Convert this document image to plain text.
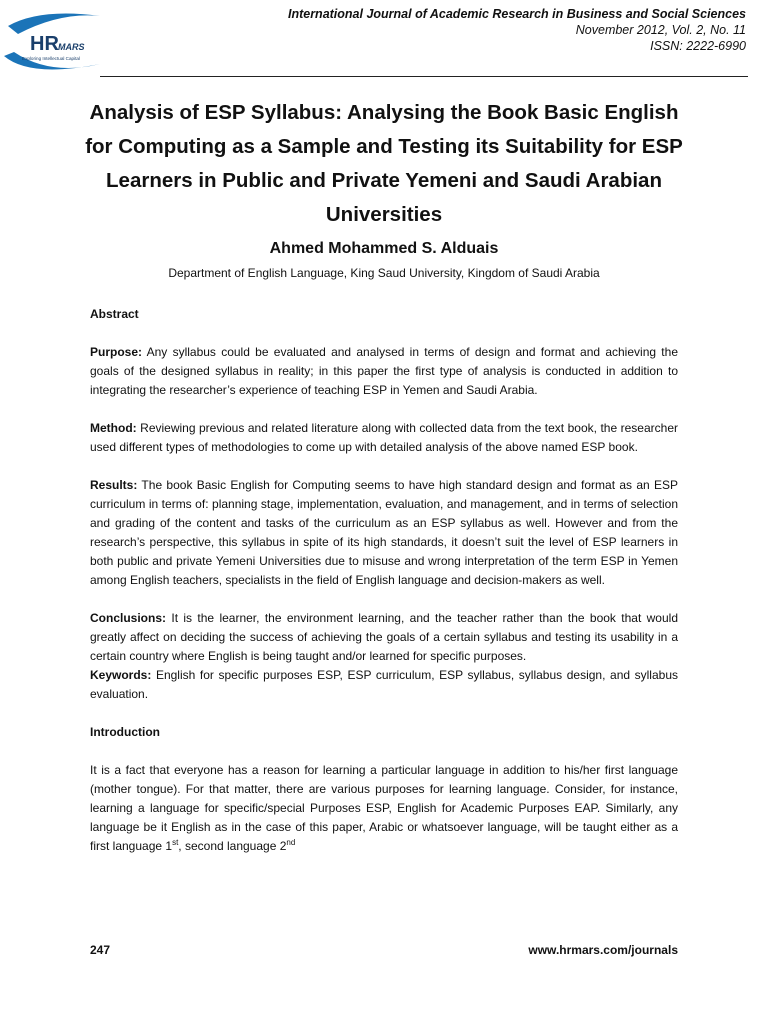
HR MARS
Exploring Intellectual Capital
International Journal of Academic Research in Business and Social Sciences
November 2012, Vol. 2, No. 11
ISSN: 2222-6990
Analysis of ESP Syllabus: Analysing the Book Basic English for Computing as a Sample and Testing its Suitability for ESP Learners in Public and Private Yemeni and Saudi Arabian Universities
Ahmed Mohammed S. Alduais
Department of English Language, King Saud University, Kingdom of Saudi Arabia

Abstract

Purpose: Any syllabus could be evaluated and analysed in terms of design and format and achieving the goals of the designed syllabus in reality; in this paper the first type of analysis is conducted in addition to integrating the researcher’s experience of teaching ESP in Yemen and Saudi Arabia.

Method: Reviewing previous and related literature along with collected data from the text book, the researcher used different types of methodologies to come up with detailed analysis of the above named ESP book.

Results: The book Basic English for Computing seems to have high standard design and format as an ESP curriculum in terms of: planning stage, implementation, evaluation, and management, and in terms of selection and grading of the content and tasks of the curriculum as an ESP syllabus as well. However and from the research’s perspective, this syllabus in spite of its high standards, it doesn’t suit the level of ESP learners in both public and private Yemeni Universities due to misuse and wrong interpretation of the term ESP in Yemen among English teachers, specialists in the field of English language and decision-makers as well.

Conclusions: It is the learner, the environment learning, and the teacher rather than the book that would greatly affect on deciding the success of achieving the goals of a certain syllabus and testing its usability in a certain country where English is being taught and/or learned for specific purposes.

Keywords: English for specific purposes ESP, ESP curriculum, ESP syllabus, syllabus design, and syllabus evaluation.

Introduction

It is a fact that everyone has a reason for learning a particular language in addition to his/her first language (mother tongue). For that matter, there are various purposes for learning language. Consider, for instance, learning a language for specific/special Purposes ESP, English for Academic Purposes EAP. Similarly, any language be it English as in the case of this paper, Arabic or whatsoever language, will be taught either as a first language 1st, second language 2nd

247	www.hrmars.com/journals
